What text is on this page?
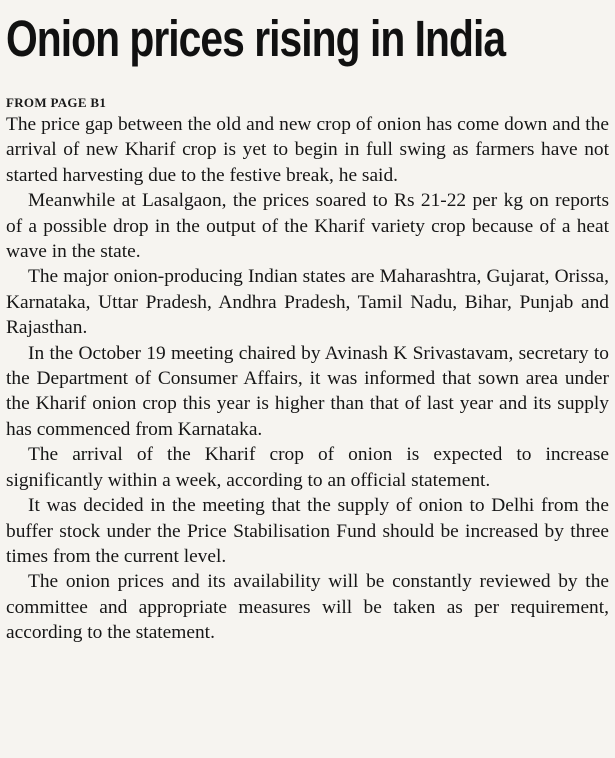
Onion prices rising in India
FROM PAGE B1

The price gap between the old and new crop of onion has come down and the arrival of new Kharif crop is yet to begin in full swing as farmers have not started harvesting due to the festive break, he said.

Meanwhile at Lasalgaon, the prices soared to Rs 21-22 per kg on reports of a possible drop in the output of the Kharif variety crop because of a heat wave in the state.

The major onion-producing Indian states are Maharashtra, Gujarat, Orissa, Karnataka, Uttar Pradesh, Andhra Pradesh, Tamil Nadu, Bihar, Punjab and Rajasthan.

In the October 19 meeting chaired by Avinash K Srivastavam, secretary to the Department of Consumer Affairs, it was informed that sown area under the Kharif onion crop this year is higher than that of last year and its supply has commenced from Karnataka.

The arrival of the Kharif crop of onion is expected to increase significantly within a week, according to an official statement.

It was decided in the meeting that the supply of onion to Delhi from the buffer stock under the Price Stabilisation Fund should be increased by three times from the current level.

The onion prices and its availability will be constantly reviewed by the committee and appropriate measures will be taken as per requirement, according to the statement.
